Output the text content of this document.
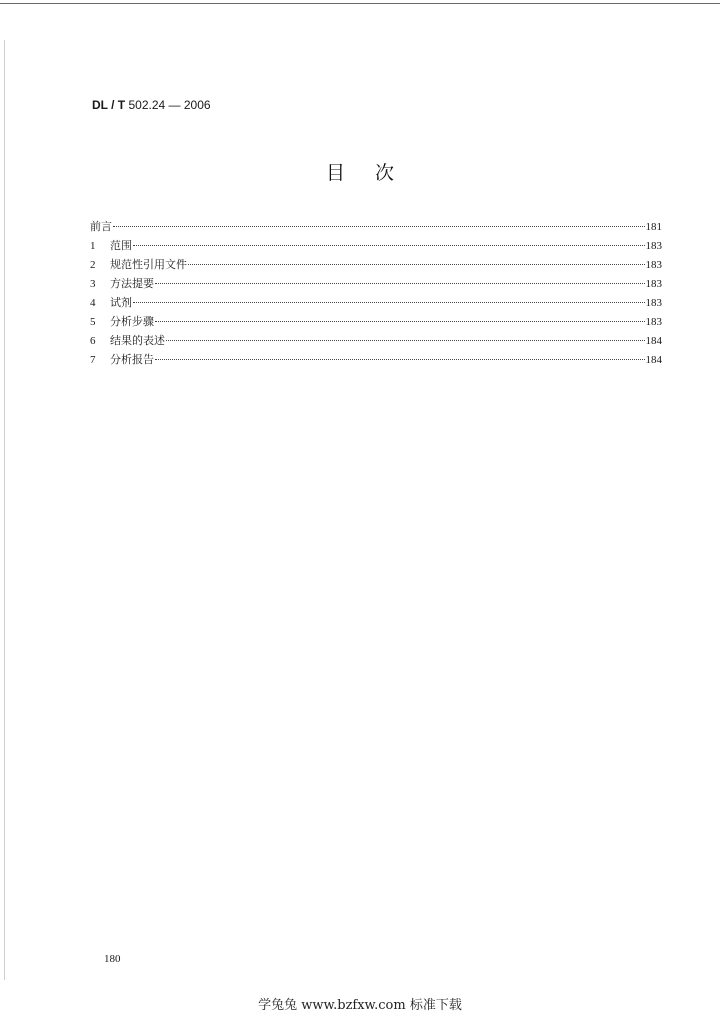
DL / T 502.24 — 2006
目次
前言	181
1	范围	183
2	规范性引用文件	183
3	方法提要	183
4	试剂	183
5	分析步骤	183
6	结果的表述	184
7	分析报告	184
180
学兔兔 www.bzfxw.com 标准下载
